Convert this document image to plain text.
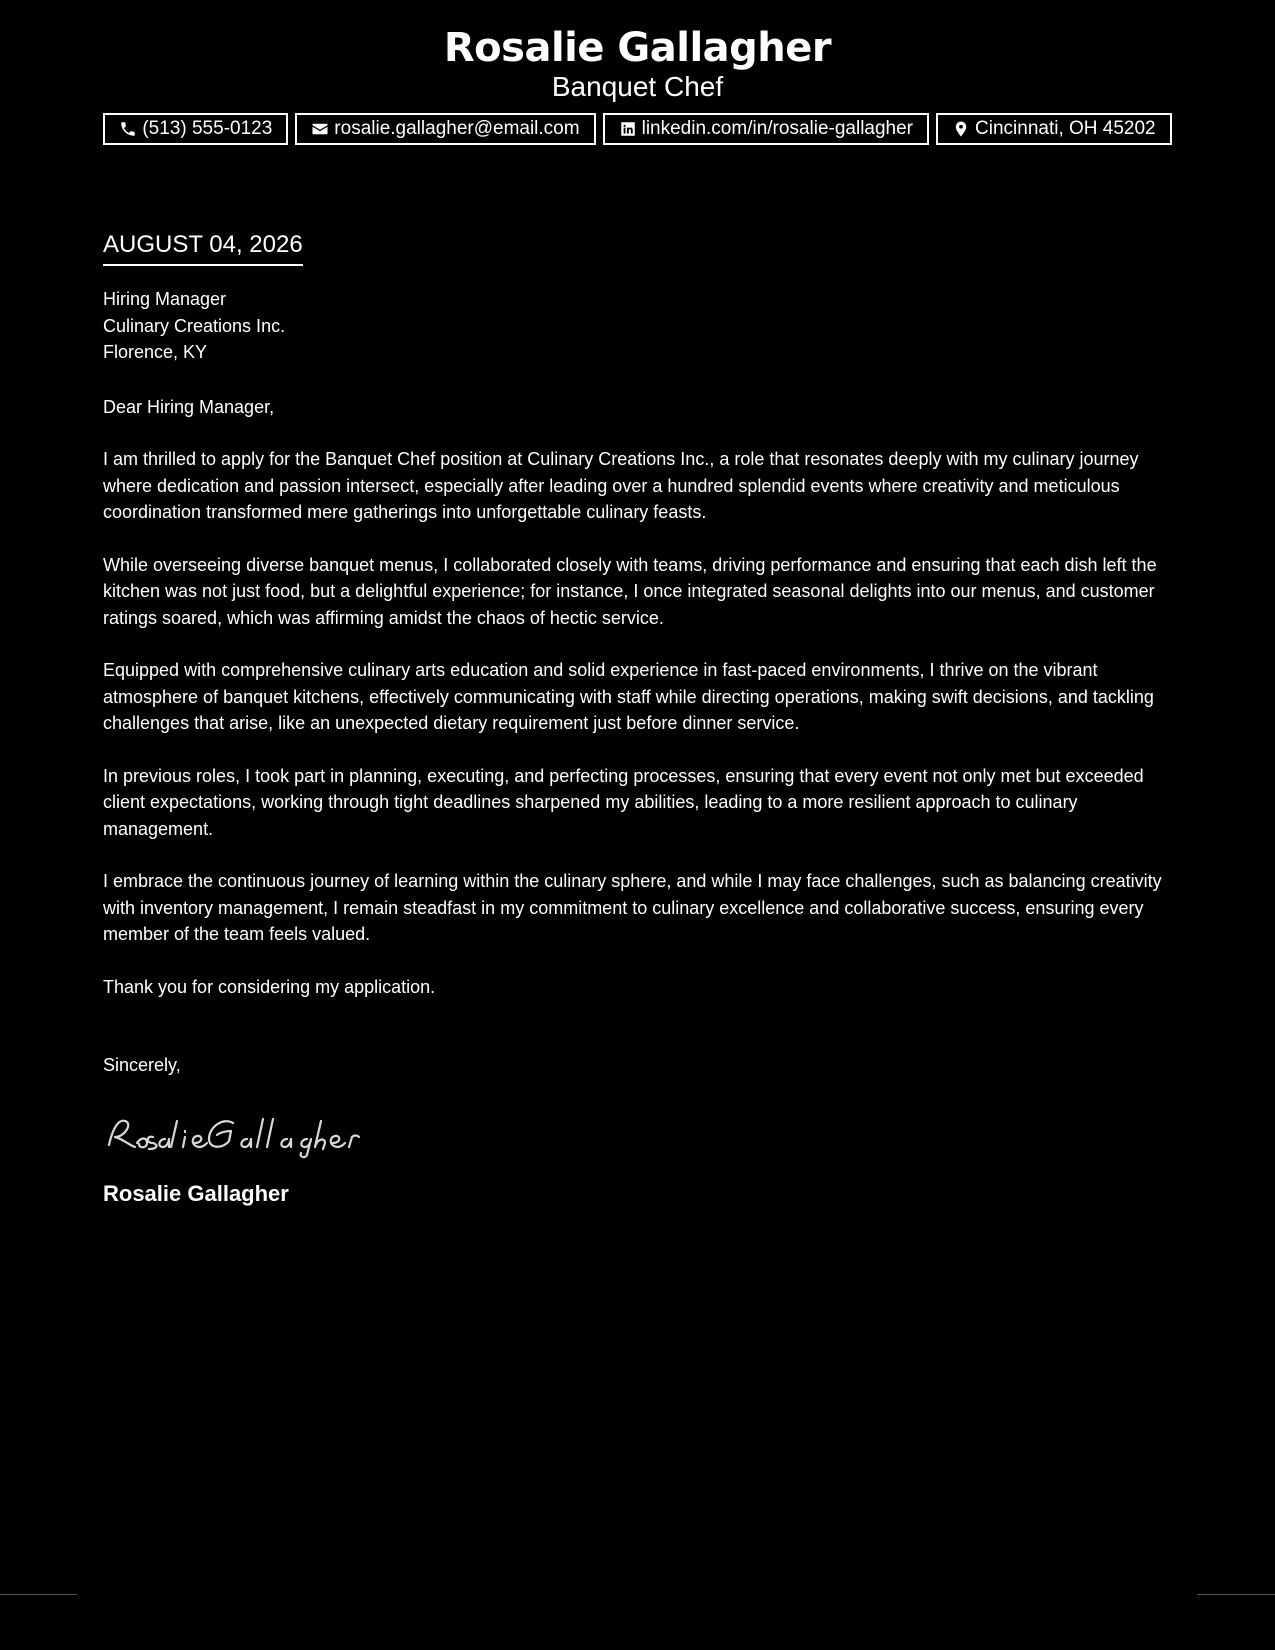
Rosalie Gallagher
Banquet Chef
(513) 555-0123	rosalie.gallagher@email.com	linkedin.com/in/rosalie-gallagher	Cincinnati, OH 45202
AUGUST 04, 2026
Hiring Manager
Culinary Creations Inc.
Florence, KY
Dear Hiring Manager,
I am thrilled to apply for the Banquet Chef position at Culinary Creations Inc., a role that resonates deeply with my culinary journey where dedication and passion intersect, especially after leading over a hundred splendid events where creativity and meticulous coordination transformed mere gatherings into unforgettable culinary feasts.
While overseeing diverse banquet menus, I collaborated closely with teams, driving performance and ensuring that each dish left the kitchen was not just food, but a delightful experience; for instance, I once integrated seasonal delights into our menus, and customer ratings soared, which was affirming amidst the chaos of hectic service.
Equipped with comprehensive culinary arts education and solid experience in fast-paced environments, I thrive on the vibrant atmosphere of banquet kitchens, effectively communicating with staff while directing operations, making swift decisions, and tackling challenges that arise, like an unexpected dietary requirement just before dinner service.
In previous roles, I took part in planning, executing, and perfecting processes, ensuring that every event not only met but exceeded client expectations, working through tight deadlines sharpened my abilities, leading to a more resilient approach to culinary management.
I embrace the continuous journey of learning within the culinary sphere, and while I may face challenges, such as balancing creativity with inventory management, I remain steadfast in my commitment to culinary excellence and collaborative success, ensuring every member of the team feels valued.
Thank you for considering my application.
Sincerely,
Rosalie Gallagher
